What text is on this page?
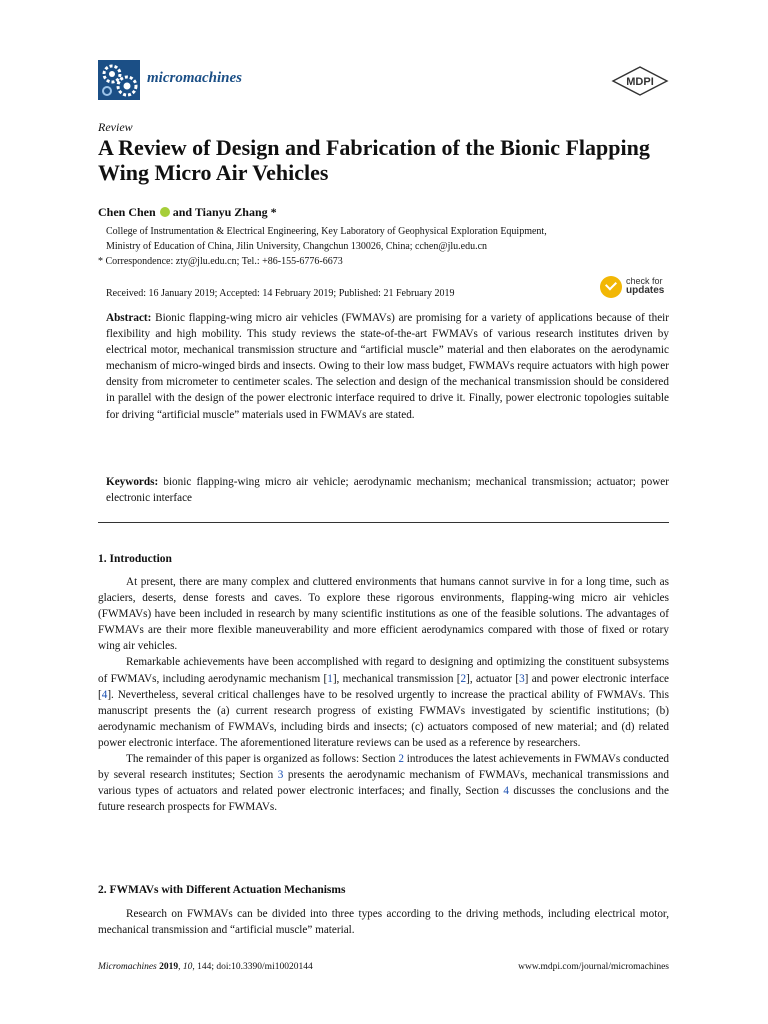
micromachines	MDPI
Review
A Review of Design and Fabrication of the Bionic Flapping Wing Micro Air Vehicles
Chen Chen and Tianyu Zhang *
College of Instrumentation & Electrical Engineering, Key Laboratory of Geophysical Exploration Equipment,
Ministry of Education of China, Jilin University, Changchun 130026, China; cchen@jlu.edu.cn
* Correspondence: zty@jlu.edu.cn; Tel.: +86-155-6776-6673
Received: 16 January 2019; Accepted: 14 February 2019; Published: 21 February 2019
check for
updates
Abstract: Bionic flapping-wing micro air vehicles (FWMAVs) are promising for a variety of applications because of their flexibility and high mobility. This study reviews the state-of-the-art FWMAVs of various research institutes driven by electrical motor, mechanical transmission structure and “artificial muscle” material and then elaborates on the aerodynamic mechanism of micro-winged birds and insects. Owing to their low mass budget, FWMAVs require actuators with high power density from micrometer to centimeter scales. The selection and design of the mechanical transmission should be considered in parallel with the design of the power electronic interface required to drive it. Finally, power electronic topologies suitable for driving “artificial muscle” materials used in FWMAVs are stated.
Keywords: bionic flapping-wing micro air vehicle; aerodynamic mechanism; mechanical transmission; actuator; power electronic interface
1. Introduction

At present, there are many complex and cluttered environments that humans cannot survive in for a long time, such as glaciers, deserts, dense forests and caves. To explore these rigorous environments, flapping-wing micro air vehicles (FWMAVs) have been included in research by many scientific institutions as one of the feasible solutions. The advantages of FWMAVs are their more flexible maneuverability and more efficient aerodynamics compared with those of fixed or rotary wing air vehicles.

Remarkable achievements have been accomplished with regard to designing and optimizing the constituent subsystems of FWMAVs, including aerodynamic mechanism [1], mechanical transmission [2], actuator [3] and power electronic interface [4]. Nevertheless, several critical challenges have to be resolved urgently to increase the practical ability of FWMAVs. This manuscript presents the (a) current research progress of existing FWMAVs investigated by scientific institutions; (b) aerodynamic mechanism of FWMAVs, including birds and insects; (c) actuators composed of new material; and (d) related power electronic interface. The aforementioned literature reviews can be used as a reference by researchers.

The remainder of this paper is organized as follows: Section 2 introduces the latest achievements in FWMAVs conducted by several research institutes; Section 3 presents the aerodynamic mechanism of FWMAVs, mechanical transmissions and various types of actuators and related power electronic interfaces; and finally, Section 4 discusses the conclusions and the future research prospects for FWMAVs.

2. FWMAVs with Different Actuation Mechanisms

Research on FWMAVs can be divided into three types according to the driving methods, including electrical motor, mechanical transmission and “artificial muscle” material.

Micromachines 2019, 10, 144; doi:10.3390/mi10020144	www.mdpi.com/journal/micromachines
